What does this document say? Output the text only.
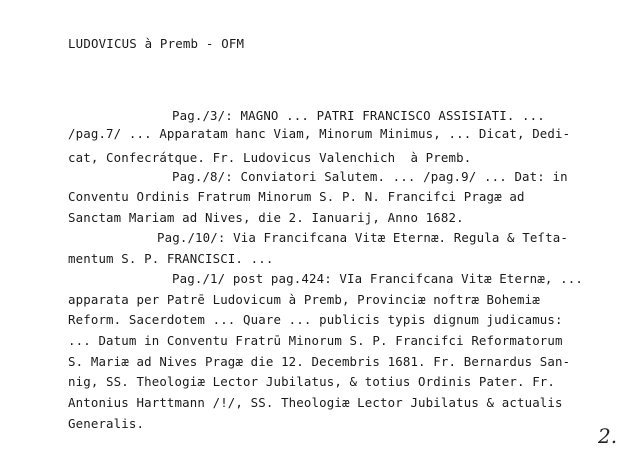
LUDOVICUS à Premb - OFM
Pag./3/: MAGNO ... PATRI FRANCISCO ASSISIATI. ...
/pag.7/ ... Apparatam hanc Viam, Minorum Minimus, ... Dicat, Dedi-
cat, Confecrátque. Fr. Ludovicus Valenchich  à Premb.
Pag./8/: Conviatori Salutem. ... /pag.9/ ... Dat: in
Conventu Ordinis Fratrum Minorum S. P. N. Francifci Pragæ ad
Sanctam Mariam ad Nives, die 2. Ianuarij, Anno 1682.
Pag./10/: Via Francifcana Vitæ Eternæ. Regula & Teſta-
mentum S. P. FRANCISCI. ...
Pag./1/ post pag.424: VIa Francifcana Vitæ Eternæ, ...
apparata per Patrē Ludovicum à Premb, Provinciæ noftræ Bohemiæ
Reform. Sacerdotem ... Quare ... publicis typis dignum judicamus:
... Datum in Conventu Fratrū Minorum S. P. Francifci Reformatorum
S. Mariæ ad Nives Pragæ die 12. Decembris 1681. Fr. Bernardus San-
nig, SS. Theologiæ Lector Jubilatus, & totius Ordinis Pater. Fr.
Antonius Harttmann /!/, SS. Theologiæ Lector Jubilatus & actualis
Generalis.
2.
